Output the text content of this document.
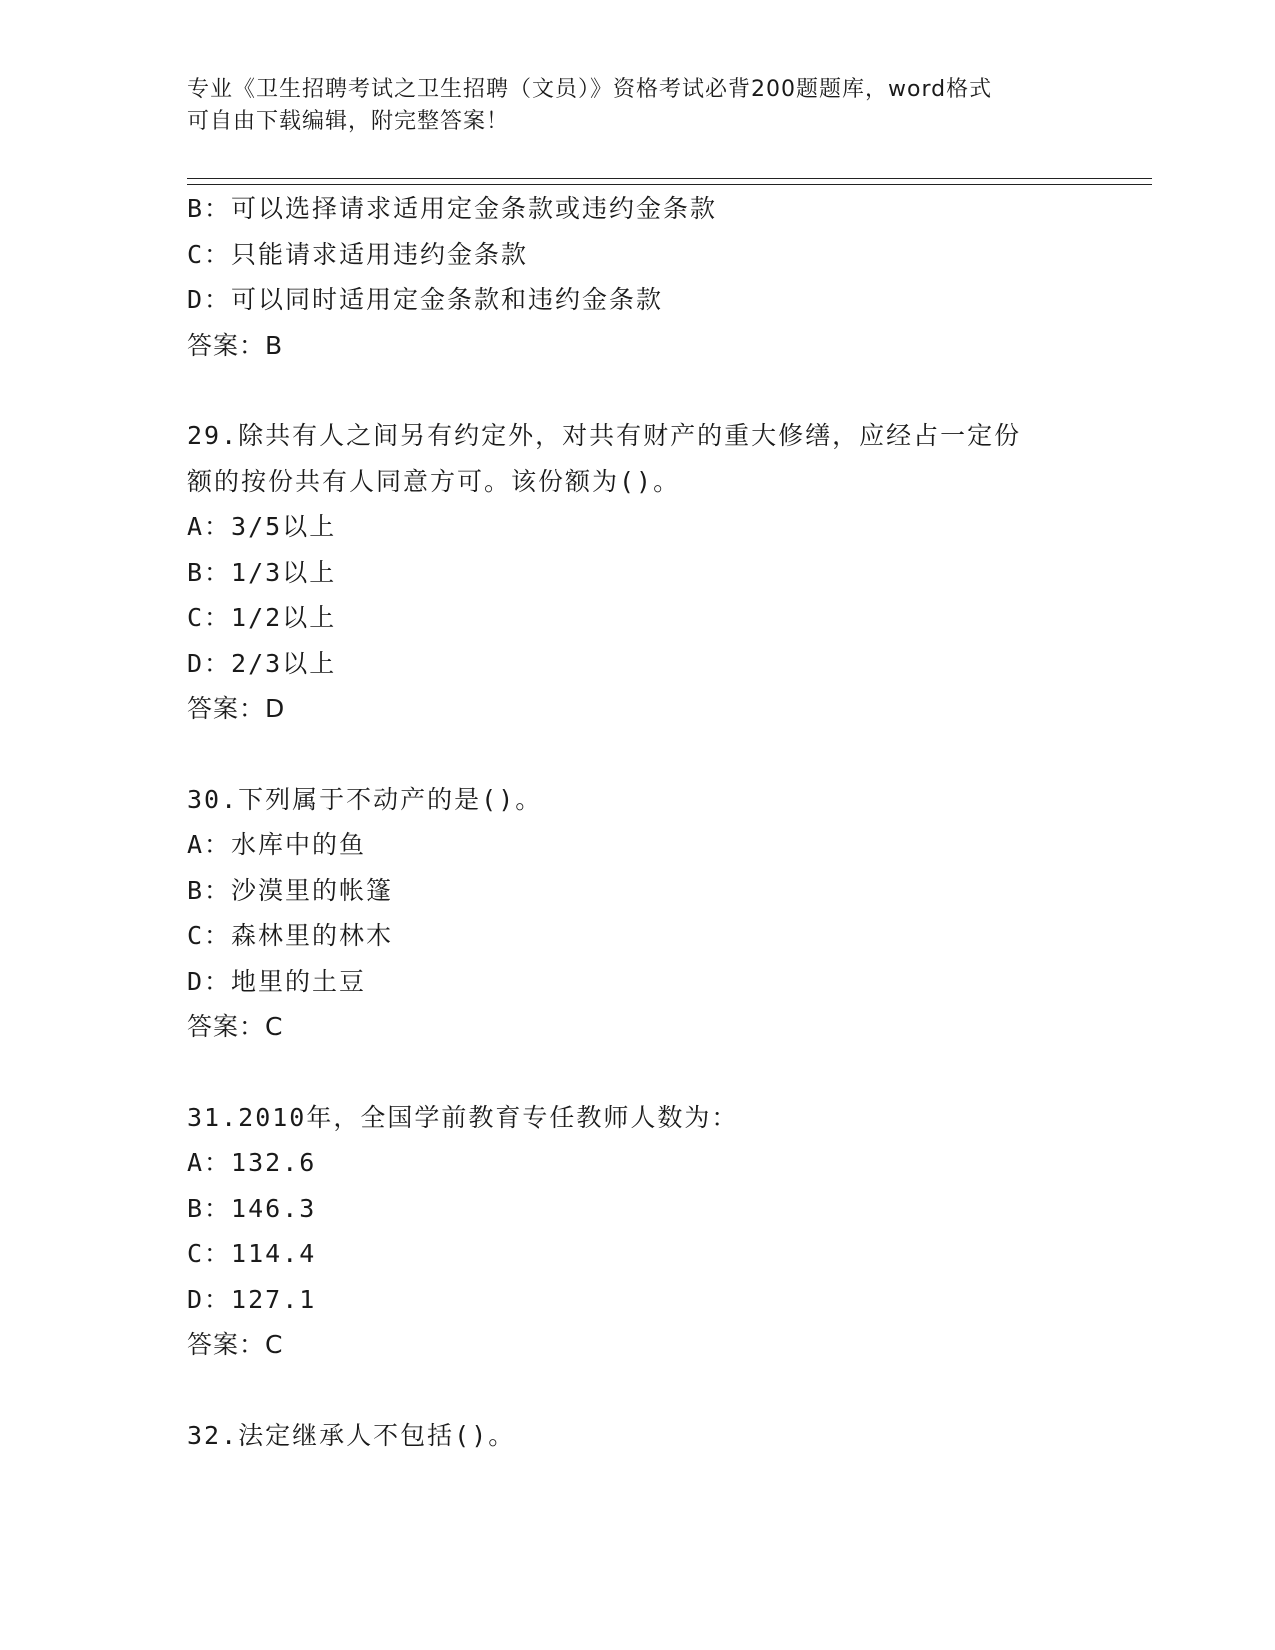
专业《卫生招聘考试之卫生招聘（文员）》资格考试必背200题题库，word格式
可自由下载编辑，附完整答案！
B：可以选择请求适用定金条款或违约金条款
C：只能请求适用违约金条款
D：可以同时适用定金条款和违约金条款
答案：B
29.除共有人之间另有约定外，对共有财产的重大修缮，应经占一定份
额的按份共有人同意方可。该份额为()。
A：3/5以上
B：1/3以上
C：1/2以上
D：2/3以上
答案：D
30.下列属于不动产的是()。
A：水库中的鱼
B：沙漠里的帐篷
C：森林里的林木
D：地里的土豆
答案：C
31.2010年，全国学前教育专任教师人数为：
A：132.6
B：146.3
C：114.4
D：127.1
答案：C
32.法定继承人不包括()。
